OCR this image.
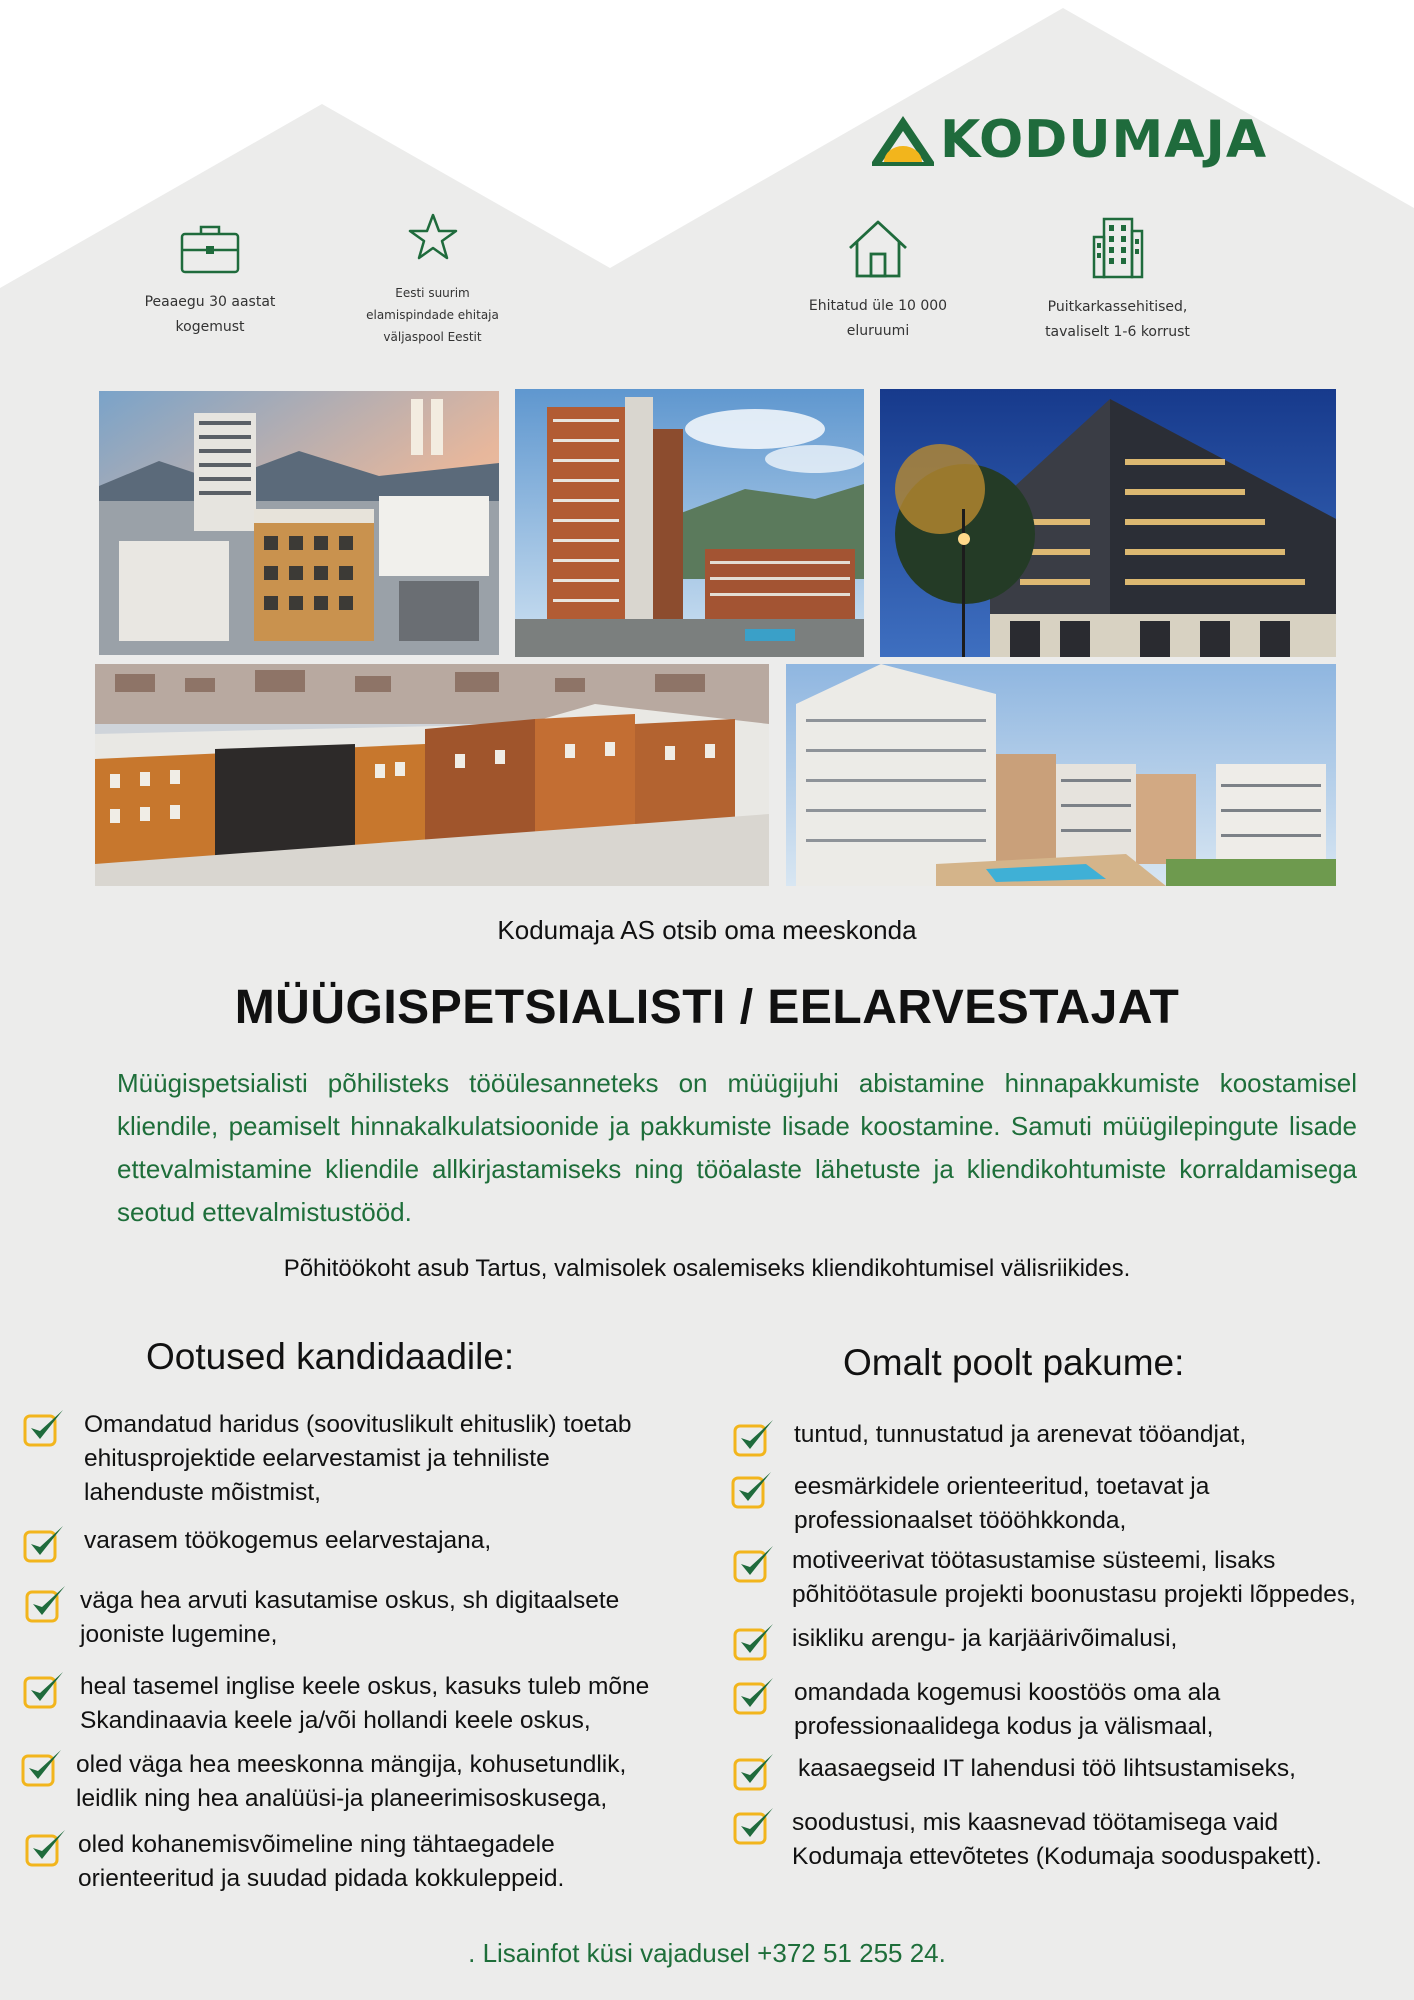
KODUMAJA
Peaaegu 30 aastat
kogemust
Eesti suurim
elamispindade ehitaja
väljaspool Eestit
Ehitatud üle 10 000
eluruumi
Puitkarkassehitised,
tavaliselt 1-6 korrust
Kodumaja AS otsib oma meeskonda
MÜÜGISPETSIALISTI / EELARVESTAJAT
Müügispetsialisti põhilisteks tööülesanneteks on müügijuhi abistamine hinnapakkumiste koostamisel kliendile, peamiselt hinnakalkulatsioonide ja pakkumiste lisade koostamine. Samuti müügilepingute lisade ettevalmistamine kliendile allkirjastamiseks ning tööalaste lähetuste ja kliendikohtumiste korraldamisega seotud ettevalmistustööd.
Põhitöökoht asub Tartus, valmisolek osalemiseks kliendikohtumisel välisriikides.
Ootused kandidaadile:	Omalt poolt pakume:
Omandatud haridus (soovituslikult ehituslik) toetab
ehitusprojektide eelarvestamist ja tehniliste
lahenduste mõistmist,
varasem töökogemus eelarvestajana,
väga hea arvuti kasutamise oskus, sh digitaalsete
jooniste lugemine,
heal tasemel inglise keele oskus, kasuks tuleb mõne
Skandinaavia keele ja/või hollandi keele oskus,
oled väga hea meeskonna mängija, kohusetundlik,
leidlik ning hea analüüsi-ja planeerimisoskusega,
oled kohanemisvõimeline ning tähtaegadele
orienteeritud ja suudad pidada kokkuleppeid.
tuntud, tunnustatud ja arenevat tööandjat,
eesmärkidele orienteeritud, toetavat ja
professionaalset töööhkkonda,
motiveerivat töötasustamise süsteemi, lisaks
põhitöötasule projekti boonustasu projekti lõppedes,
isikliku arengu- ja karjäärivõimalusi,
omandada kogemusi koostöös oma ala
professionaalidega kodus ja välismaal,
kaasaegseid IT lahendusi töö lihtsustamiseks,
soodustusi, mis kaasnevad töötamisega vaid
Kodumaja ettevõtetes (Kodumaja sooduspakett).
. Lisainfot küsi vajadusel +372 51 255 24.
